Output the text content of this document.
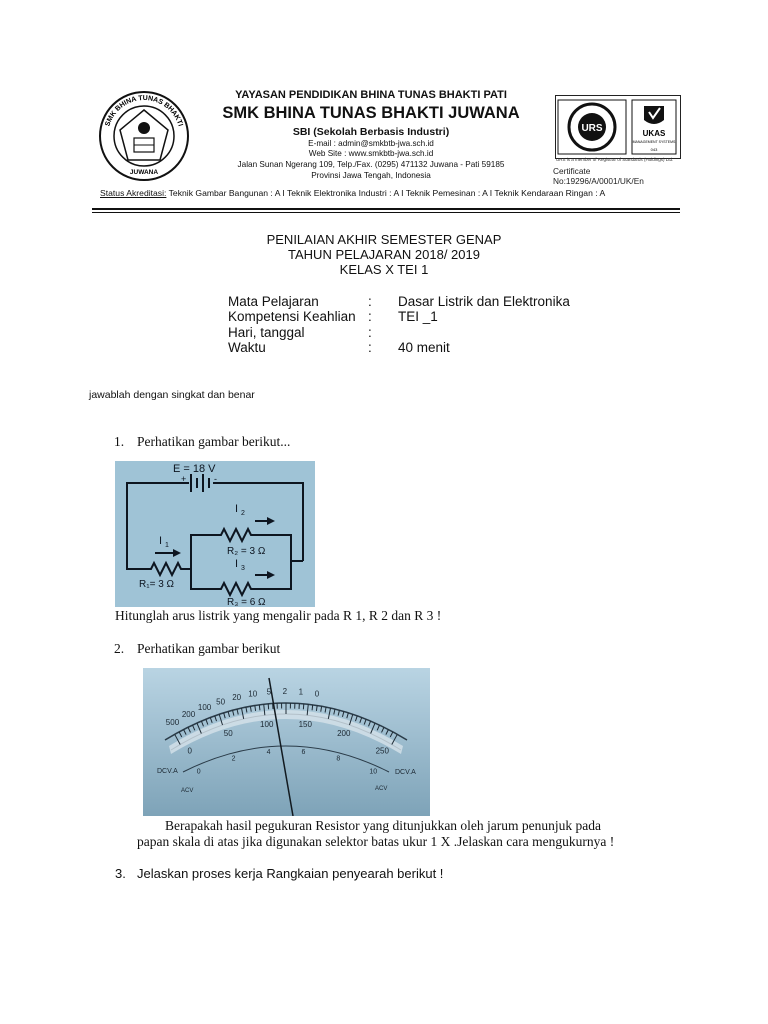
SMK BHINA TUNAS BHAKTI
JUWANA
YAYASAN PENDIDIKAN BHINA TUNAS BHAKTI PATI
SMK BHINA TUNAS BHAKTI JUWANA
SBI (Sekolah Berbasis Industri)
E-mail : admin@smkbtb-jwa.sch.id
Web Site : www.smkbtb-jwa.sch.id
Jalan Sunan Ngerang 109, Telp./Fax. (0295) 471132 Juwana - Pati 59185
Provinsi Jawa Tengah, Indonesia
URS	UKAS
MANAGEMENT SYSTEMS
043
URS is a member of Registrar of Standards (Holdings) Ltd.
Certificate No:19296/A/0001/UK/En
Status Akreditasi: Teknik Gambar Bangunan : A I Teknik Elektronika Industri : A I Teknik Pemesinan : A I Teknik Kendaraan Ringan : A
PENILAIAN AKHIR SEMESTER GENAP
TAHUN PELAJARAN 2018/ 2019
KELAS X TEI 1
Mata Pelajaran	: Dasar Listrik dan Elektronika
Kompetensi Keahlian : TEI _1
Hari, tanggal	:
Waktu	: 40 menit
jawablah dengan singkat dan benar
1. Perhatikan gambar berikut...
E = 18 V
+	-
I 2
I 1
I 3
R₂ = 3 Ω
R₁= 3 Ω
R₃ = 6 Ω
Hitunglah arus listrik yang mengalir pada R 1, R 2 dan R 3 !
2. Perhatikan gambar berikut
DCV.A	DCV.A
ACV	ACV
500
200
100
50 20 10 5 2 1 0
0
50
100	150
200
250
0
2
4	6
8
10
Berapakah hasil pegukuran Resistor yang ditunjukkan oleh jarum penunjuk pada
papan skala di atas jika digunakan selektor batas ukur 1 X .Jelaskan cara mengukurnya !
3. Jelaskan proses kerja Rangkaian penyearah berikut !
